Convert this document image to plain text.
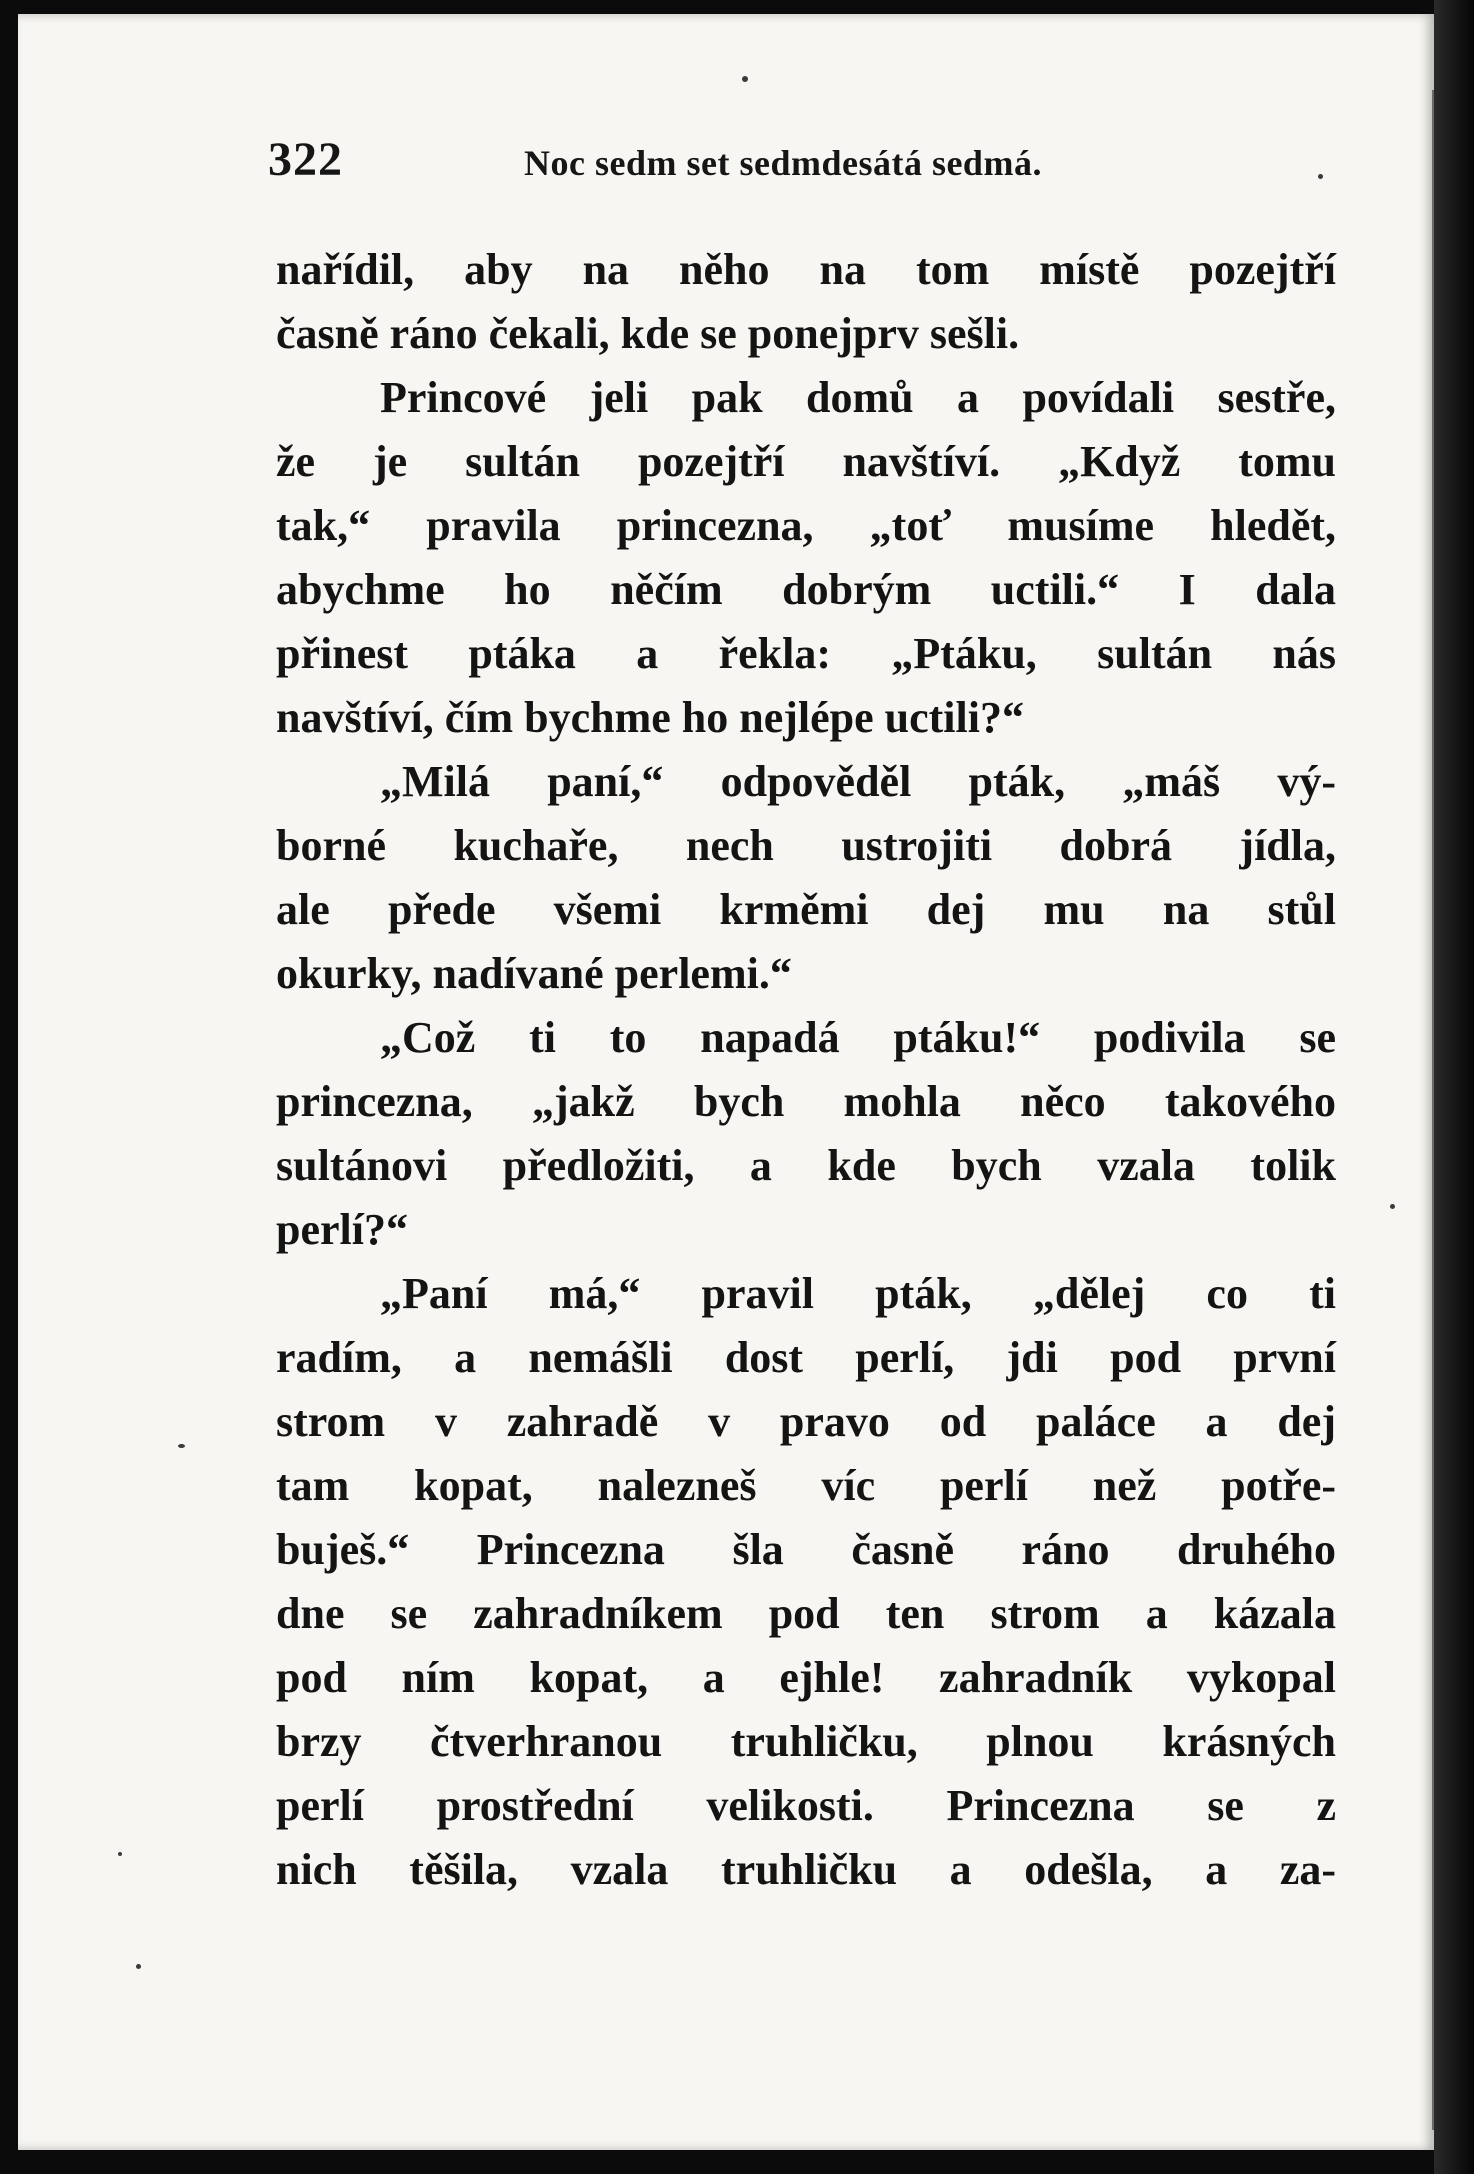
322	Noc sedm set sedmdesátá sedmá.
nařídil, aby na něho na tom místě pozejtří
časně ráno čekali, kde se ponejprv sešli.
Princové jeli pak domů a povídali sestře,
že je sultán pozejtří navštíví. „Když tomu
tak,“ pravila princezna, „toť musíme hledět,
abychme ho něčím dobrým uctili.“ I dala
přinest ptáka a řekla: „Ptáku, sultán nás
navštíví, čím bychme ho nejlépe uctili?“
„Milá paní,“ odpověděl pták, „máš vý-
borné kuchaře, nech ustrojiti dobrá jídla,
ale přede všemi krměmi dej mu na stůl
okurky, nadívané perlemi.“
„Což ti to napadá ptáku!“ podivila se
princezna, „jakž bych mohla něco takového
sultánovi předložiti, a kde bych vzala tolik
perlí?“
„Paní má,“ pravil pták, „dělej co ti
radím, a nemášli dost perlí, jdi pod první
strom v zahradě v pravo od paláce a dej
tam kopat, nalezneš víc perlí než potře-
buješ.“ Princezna šla časně ráno druhého
dne se zahradníkem pod ten strom a kázala
pod ním kopat, a ejhle! zahradník vykopal
brzy čtverhranou truhličku, plnou krásných
perlí prostřední velikosti. Princezna se z
nich těšila, vzala truhličku a odešla, a za-
